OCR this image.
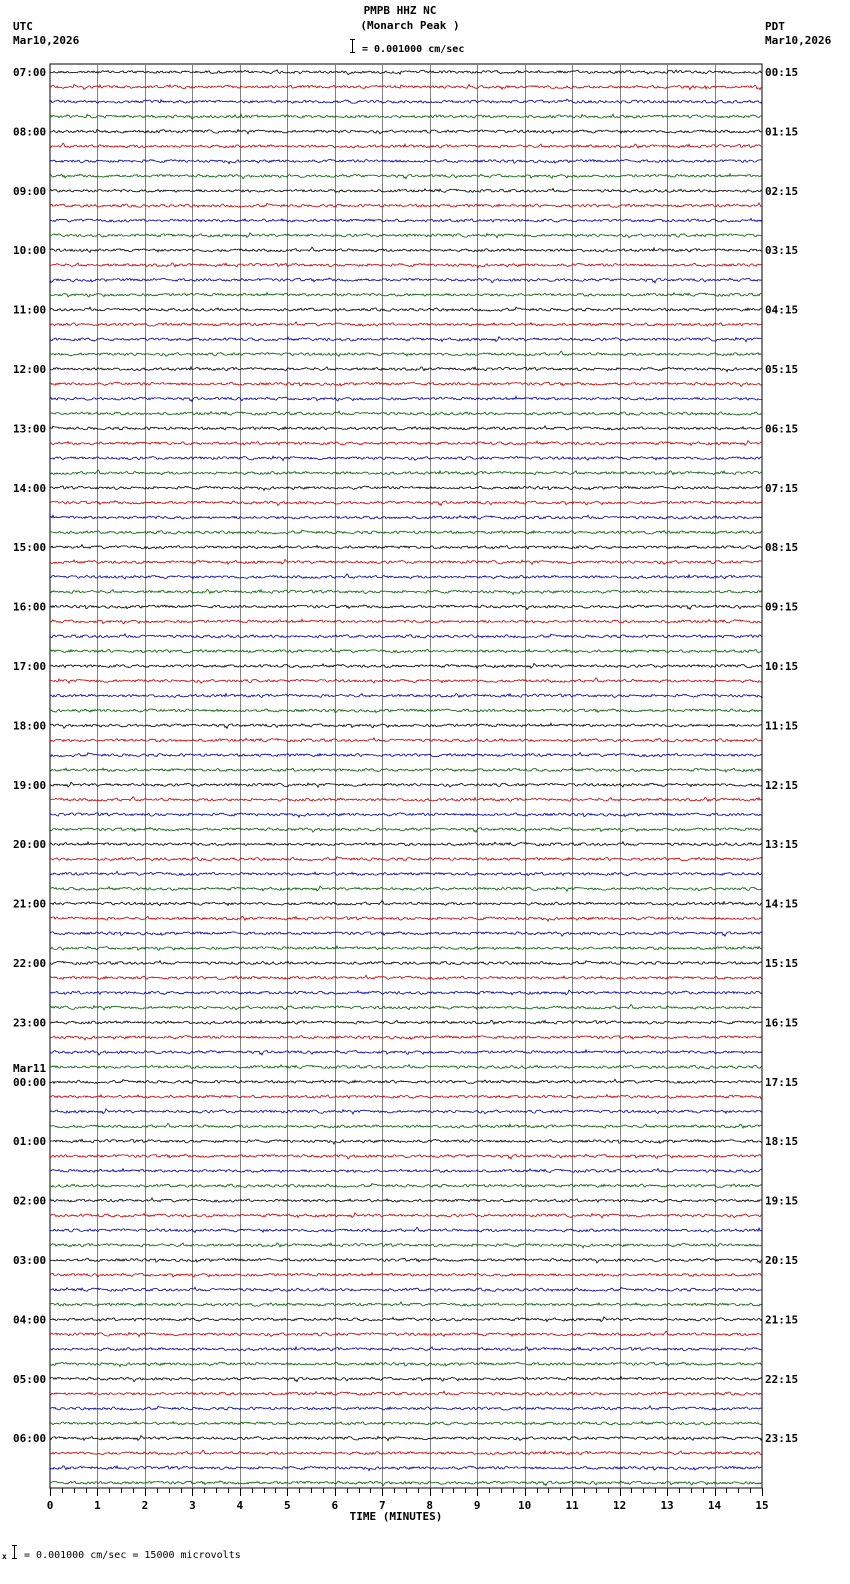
PMPB HHZ NC
(Monarch Peak )
= 0.001000 cm/sec
UTC
Mar10,2026
PDT
Mar10,2026
0	1	2	3	4	5	6	7	8	9	10	11	12	13	14	15
TIME (MINUTES)
07:00
08:00
09:00
10:00
11:00
12:00
13:00
14:00
15:00
16:00
17:00
18:00
19:00
20:00
21:00
22:00
23:00
00:00
Mar11
01:00
02:00
03:00
04:00
05:00
06:00
00:15
01:15
02:15
03:15
04:15
05:15
06:15
07:15
08:15
09:15
10:15
11:15
12:15
13:15
14:15
15:15
16:15
17:15
18:15
19:15
20:15
21:15
22:15
23:15
x = 0.001000 cm/sec = 15000 microvolts
